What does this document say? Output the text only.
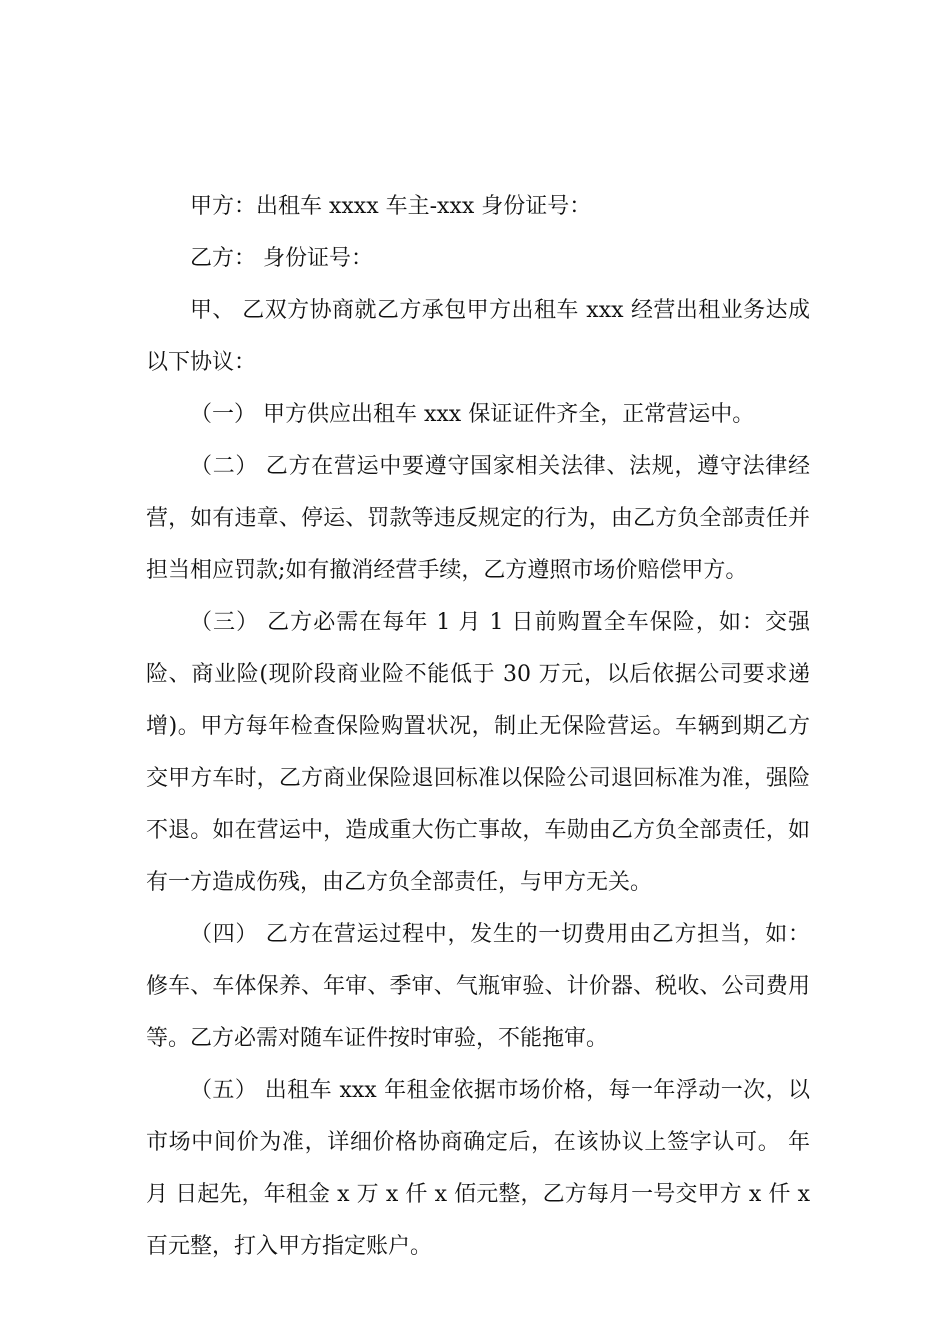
甲方：出租车 xxxx 车主-xxx 身份证号：

乙方： 身份证号：

甲、 乙双方协商就乙方承包甲方出租车 xxx 经营出租业务达成以下协议：

（一） 甲方供应出租车 xxx 保证证件齐全，正常营运中。

（二） 乙方在营运中要遵守国家相关法律、法规，遵守法律经营，如有违章、停运、罚款等违反规定的行为，由乙方负全部责任并担当相应罚款;如有撤消经营手续，乙方遵照市场价赔偿甲方。

（三） 乙方必需在每年 1 月 1 日前购置全车保险，如：交强险、商业险(现阶段商业险不能低于 30 万元，以后依据公司要求递增)。甲方每年检查保险购置状况，制止无保险营运。车辆到期乙方交甲方车时，乙方商业保险退回标准以保险公司退回标准为准，强险不退。如在营运中，造成重大伤亡事故，车勋由乙方负全部责任，如有一方造成伤残，由乙方负全部责任，与甲方无关。

（四） 乙方在营运过程中，发生的一切费用由乙方担当，如：修车、车体保养、年审、季审、气瓶审验、计价器、税收、公司费用等。乙方必需对随车证件按时审验，不能拖审。

（五） 出租车 xxx 年租金依据市场价格，每一年浮动一次，以市场中间价为准，详细价格协商确定后，在该协议上签字认可。 年月 日起先，年租金 x 万 x 仟 x 佰元整，乙方每月一号交甲方 x 仟 x 百元整，打入甲方指定账户。
